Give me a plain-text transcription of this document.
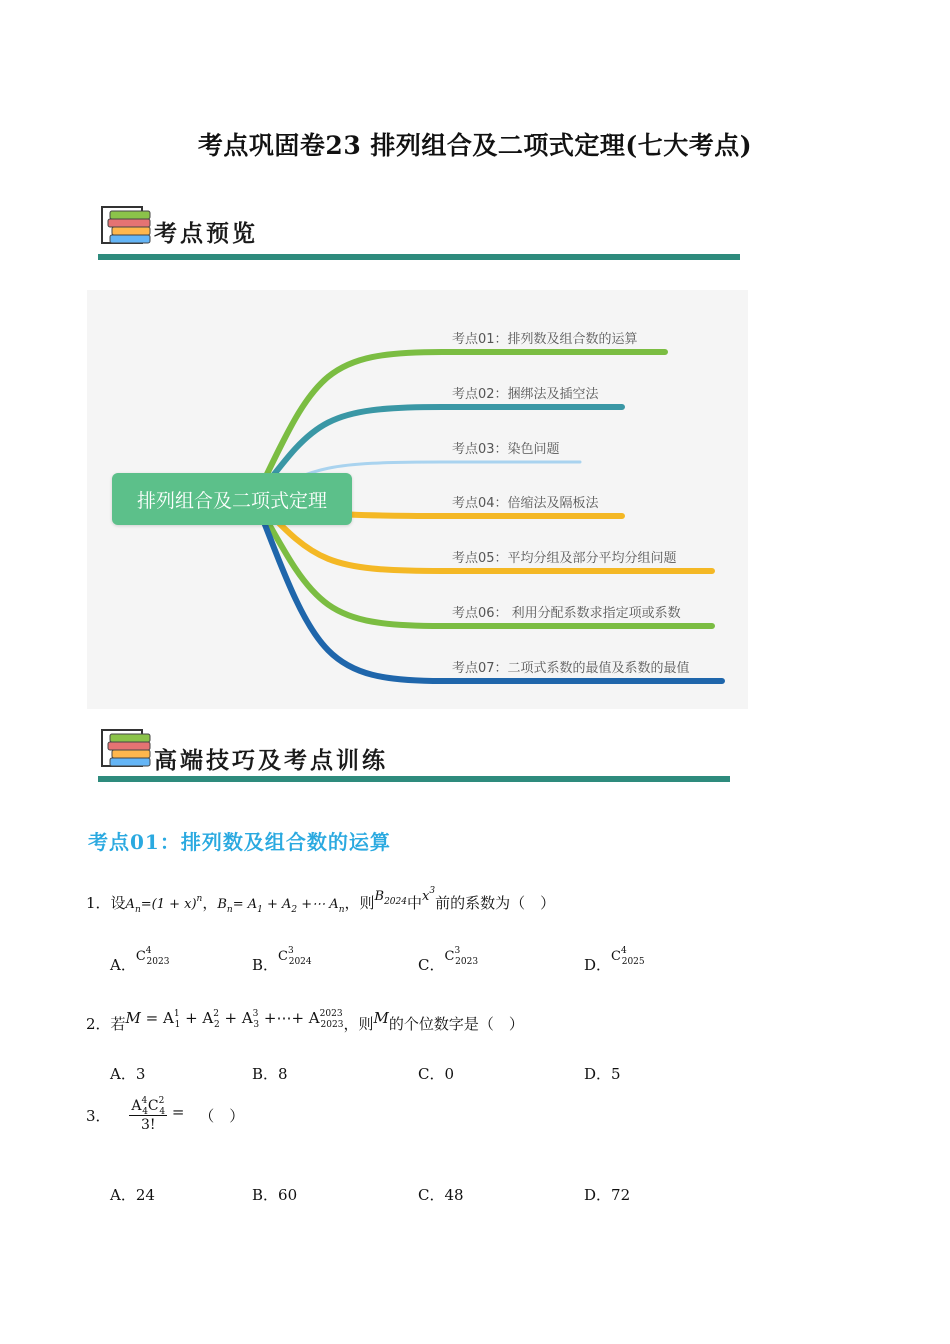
考点巩固卷23 排列组合及二项式定理(七大考点)
考点预览
排列组合及二项式定理
考点01：排列数及组合数的运算
考点02：捆绑法及插空法
考点03：染色问题
考点04：倍缩法及隔板法
考点05：平均分组及部分平均分组问题
考点06： 利用分配系数求指定项或系数
考点07：二项式系数的最值及系数的最值
高端技巧及考点训练
考点01：排列数及组合数的运算
1．设$A_n=(1 + x)^n$，$B_n= A_1 + A_2$ +⋯ $A_n$，则$B_{2024}$中$x^3$前的系数为（　）
A．$C^4_{2023}$	B．$C^3_{2024}$	C．$C^3_{2023}$	D．$C^4_{2025}$
2．若$M = A^1_1 + A^2_2 + A^3_3$ +⋯+ $A^{2023}_{2023}$，则M的个位数字是（　）
A．3	B．8	C．0	D．5
3． $\frac{A^4_4C^2_4}{3!}$ = （　）
A．24	B．60	C．48	D．72
